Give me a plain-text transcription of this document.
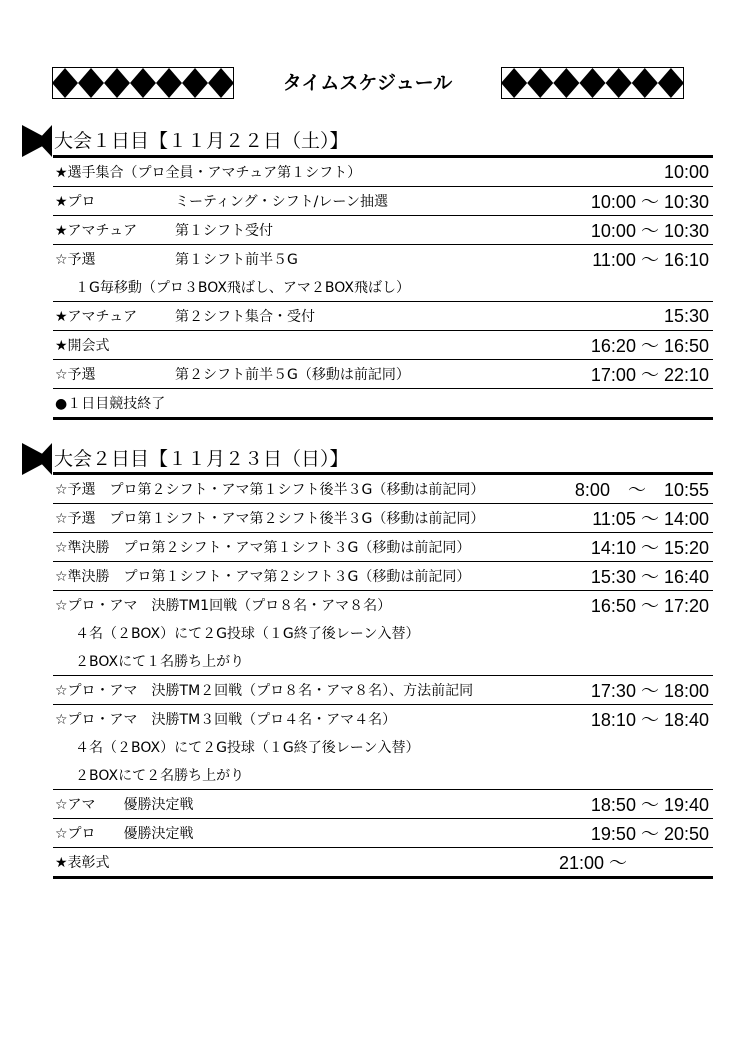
タイムスケジュール
大会１日目【１１月２２日（土）】
★選手集合（プロ全員・アマチュア第１シフト）	10:00
★プロ	ミーティング・シフト/レーン抽選	10:00 ～ 10:30
★アマチュア	第１シフト受付	10:00 ～ 10:30
☆予選	第１シフト前半５G	11:00 ～ 16:10
１G毎移動（プロ３BOX飛ばし、アマ２BOX飛ばし）
★アマチュア	第２シフト集合・受付	15:30
★開会式	16:20 ～ 16:50
☆予選	第２シフト前半５G（移動は前記同）	17:00 ～ 22:10
●１日目競技終了
大会２日目【１１月２３日（日）】
☆予選　プロ第２シフト・アマ第１シフト後半３G（移動は前記同）	8:00　～　10:55
☆予選　プロ第１シフト・アマ第２シフト後半３G（移動は前記同）	11:05 ～ 14:00
☆準決勝　プロ第２シフト・アマ第１シフト３G（移動は前記同）	14:10 ～ 15:20
☆準決勝　プロ第１シフト・アマ第２シフト３G（移動は前記同）	15:30 ～ 16:40
☆プロ・アマ　決勝TM1回戦（プロ８名・アマ８名）	16:50 ～ 17:20
４名（２BOX）にて２G投球（１G終了後レーン入替）
２BOXにて１名勝ち上がり
☆プロ・アマ　決勝TM２回戦（プロ８名・アマ８名）、方法前記同	17:30 ～ 18:00
☆プロ・アマ　決勝TM３回戦（プロ４名・アマ４名）	18:10 ～ 18:40
４名（２BOX）にて２G投球（１G終了後レーン入替）
２BOXにて２名勝ち上がり
☆アマ　　優勝決定戦	18:50 ～ 19:40
☆プロ　　優勝決定戦	19:50 ～ 20:50
★表彰式	21:00 ～
